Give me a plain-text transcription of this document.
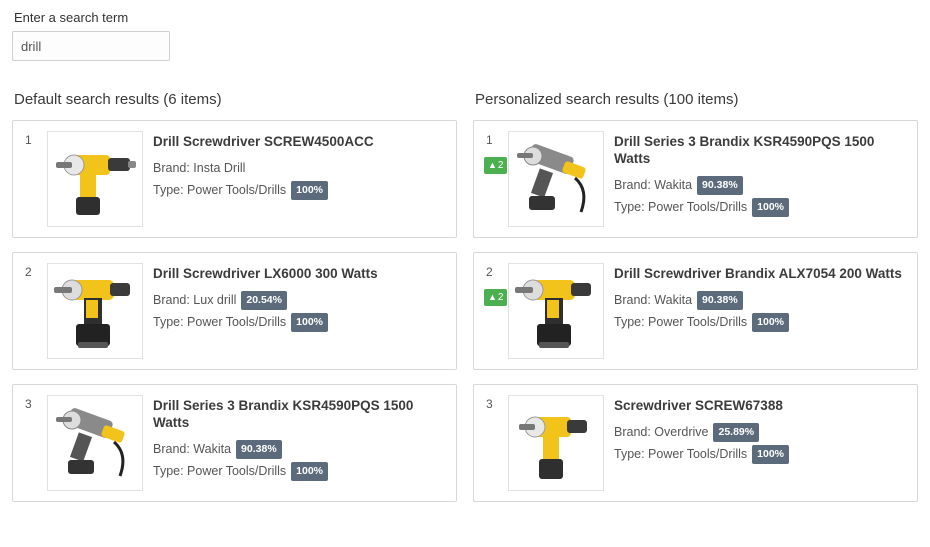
Enter a search term
drill
Default search results (6 items)
1	Drill Screwdriver SCREW4500ACC
Brand: Insta Drill
Type: Power Tools/Drills 100%
2	Drill Screwdriver LX6000 300 Watts
Brand: Lux drill 20.54%
Type: Power Tools/Drills 100%
3	Drill Series 3 Brandix KSR4590PQS 1500 Watts
Brand: Wakita 90.38%
Type: Power Tools/Drills 100%
Personalized search results (100 items)
1
▲ 2
Drill Series 3 Brandix KSR4590PQS 1500 Watts
Brand: Wakita 90.38%
Type: Power Tools/Drills 100%
2
▲ 2
Drill Screwdriver Brandix ALX7054 200 Watts
Brand: Wakita 90.38%
Type: Power Tools/Drills 100%
3	Screwdriver SCREW67388
Brand: Overdrive 25.89%
Type: Power Tools/Drills 100%
